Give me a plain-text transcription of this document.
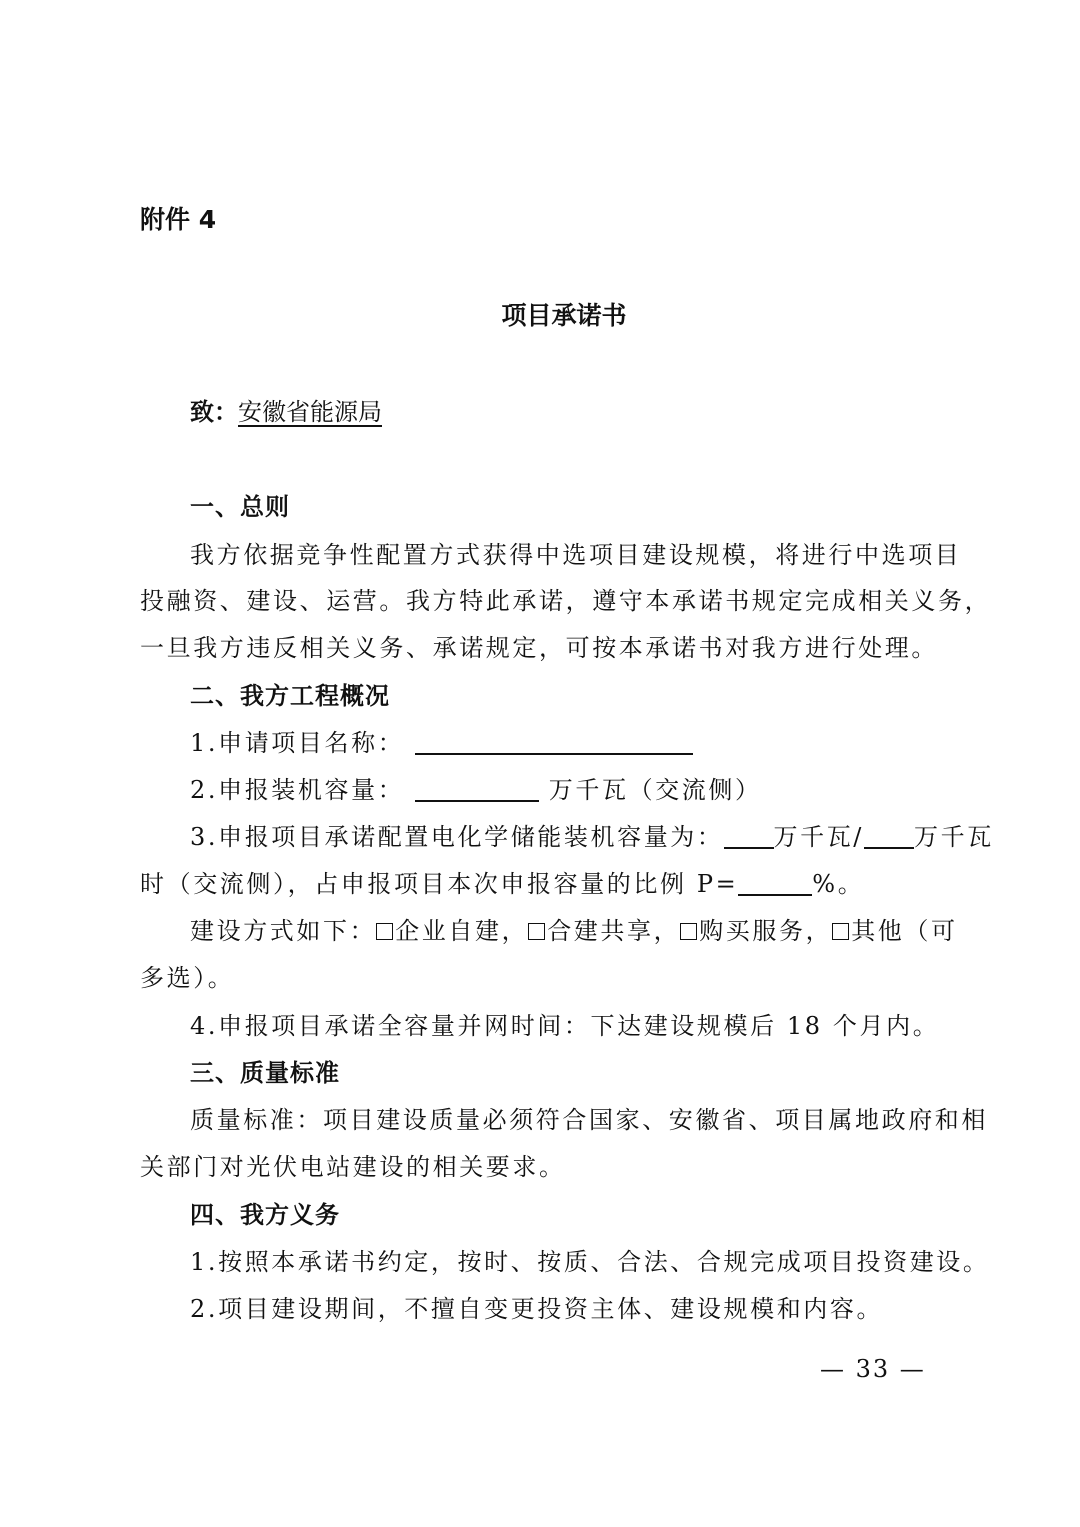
附件 4
项目承诺书
致：安徽省能源局
一、总则
我方依据竞争性配置方式获得中选项目建设规模，将进行中选项目
投融资、建设、运营。我方特此承诺，遵守本承诺书规定完成相关义务，
一旦我方违反相关义务、承诺规定，可按本承诺书对我方进行处理。
二、我方工程概况
1.申请项目名称：
2.申报装机容量：	万千瓦（交流侧）
3.申报项目承诺配置电化学储能装机容量为： 万千瓦/ 万千瓦
时（交流侧），占申报项目本次申报容量的比例 P=	%。
建设方式如下： 企业自建， 合建共享， 购买服务， 其他（可
多选）。
4.申报项目承诺全容量并网时间：下达建设规模后 18 个月内。
三、质量标准
质量标准：项目建设质量必须符合国家、安徽省、项目属地政府和相
关部门对光伏电站建设的相关要求。
四、我方义务
1.按照本承诺书约定，按时、按质、合法、合规完成项目投资建设。
2.项目建设期间，不擅自变更投资主体、建设规模和内容。
— 33 —
